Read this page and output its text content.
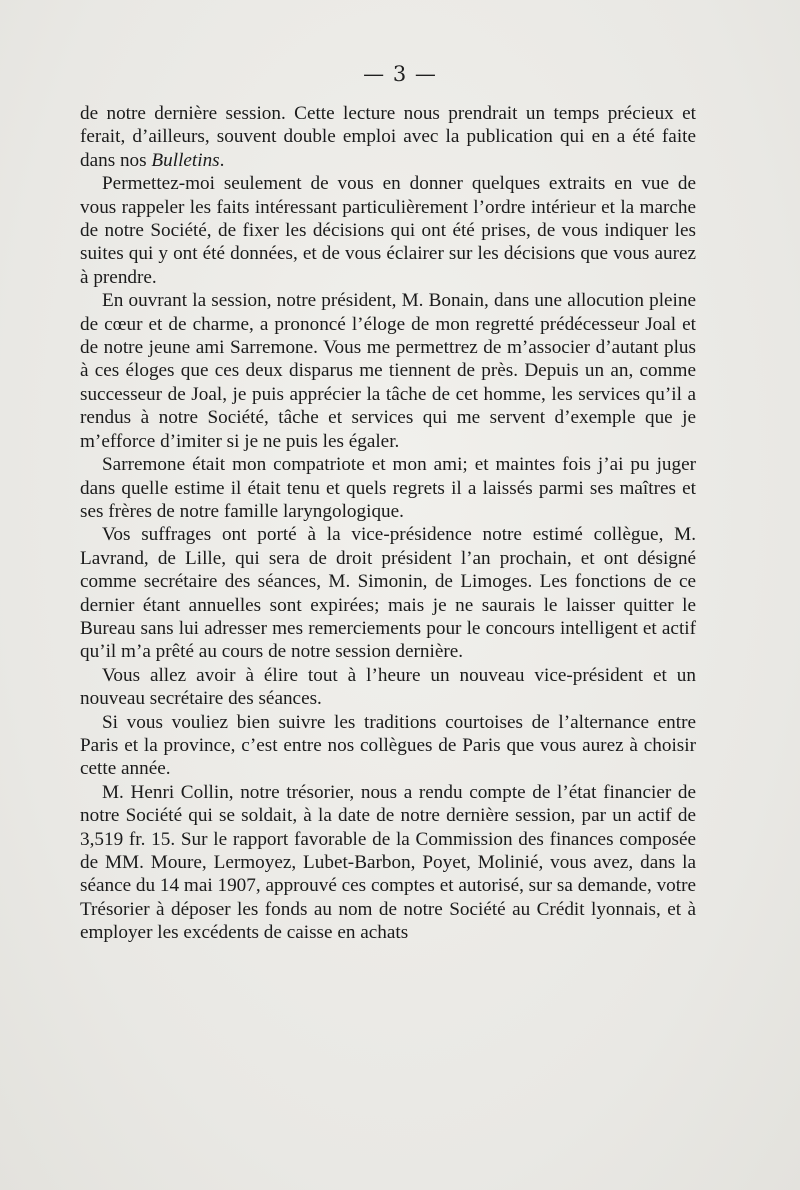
— 3 —

de notre dernière session. Cette lecture nous prendrait un temps précieux et ferait, d’ailleurs, souvent double emploi avec la publication qui en a été faite dans nos Bulletins.

Permettez-moi seulement de vous en donner quelques extraits en vue de vous rappeler les faits intéressant particulièrement l’ordre intérieur et la marche de notre Société, de fixer les décisions qui ont été prises, de vous indiquer les suites qui y ont été données, et de vous éclairer sur les décisions que vous aurez à prendre.

En ouvrant la session, notre président, M. Bonain, dans une allocution pleine de cœur et de charme, a prononcé l’éloge de mon regretté prédécesseur Joal et de notre jeune ami Sarremone. Vous me permettrez de m’associer d’autant plus à ces éloges que ces deux disparus me tiennent de près. Depuis un an, comme successeur de Joal, je puis apprécier la tâche de cet homme, les services qu’il a rendus à notre Société, tâche et services qui me servent d’exemple que je m’efforce d’imiter si je ne puis les égaler.

Sarremone était mon compatriote et mon ami; et maintes fois j’ai pu juger dans quelle estime il était tenu et quels regrets il a laissés parmi ses maîtres et ses frères de notre famille laryngologique.

Vos suffrages ont porté à la vice-présidence notre estimé collègue, M. Lavrand, de Lille, qui sera de droit président l’an prochain, et ont désigné comme secrétaire des séances, M. Simonin, de Limoges. Les fonctions de ce dernier étant annuelles sont expirées; mais je ne saurais le laisser quitter le Bureau sans lui adresser mes remerciements pour le concours intelligent et actif qu’il m’a prêté au cours de notre session dernière.

Vous allez avoir à élire tout à l’heure un nouveau vice-président et un nouveau secrétaire des séances.

Si vous vouliez bien suivre les traditions courtoises de l’alternance entre Paris et la province, c’est entre nos collègues de Paris que vous aurez à choisir cette année.

M. Henri Collin, notre trésorier, nous a rendu compte de l’état financier de notre Société qui se soldait, à la date de notre dernière session, par un actif de 3,519 fr. 15. Sur le rapport favorable de la Commission des finances composée de MM. Moure, Lermoyez, Lubet-Barbon, Poyet, Molinié, vous avez, dans la séance du 14 mai 1907, approuvé ces comptes et autorisé, sur sa demande, votre Trésorier à déposer les fonds au nom de notre Société au Crédit lyonnais, et à employer les excédents de caisse en achats
